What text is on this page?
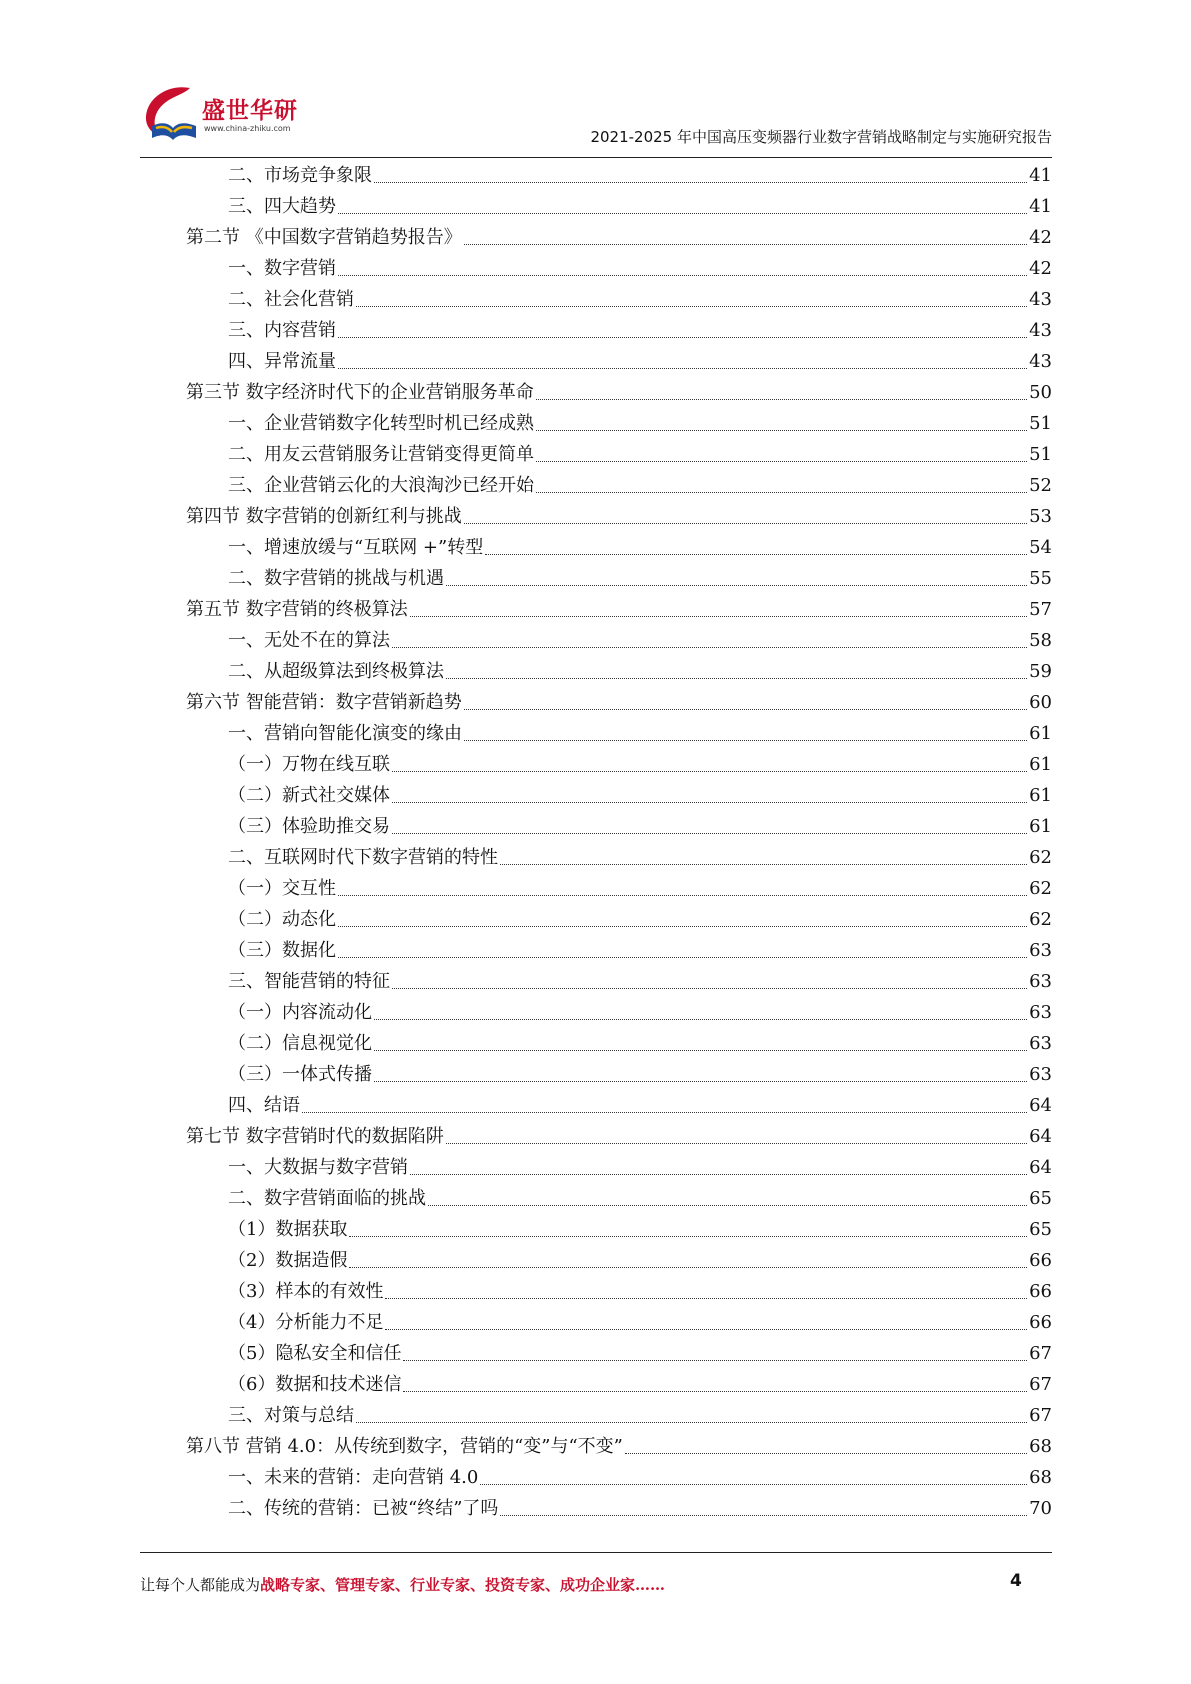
盛世华研
www.china-zhiku.com	2021-2025 年中国高压变频器行业数字营销战略制定与实施研究报告
二、市场竞争象限	41
三、四大趋势	41
第二节 《中国数字营销趋势报告》	42
一、数字营销	42
二、社会化营销	43
三、内容营销	43
四、异常流量	43
第三节 数字经济时代下的企业营销服务革命	50
一、企业营销数字化转型时机已经成熟	51
二、用友云营销服务让营销变得更简单	51
三、企业营销云化的大浪淘沙已经开始	52
第四节 数字营销的创新红利与挑战	53
一、增速放缓与“互联网 +”转型	54
二、数字营销的挑战与机遇	55
第五节 数字营销的终极算法	57
一、无处不在的算法	58
二、从超级算法到终极算法	59
第六节 智能营销：数字营销新趋势	60
一、营销向智能化演变的缘由	61
（一）万物在线互联	61
（二）新式社交媒体	61
（三）体验助推交易	61
二、互联网时代下数字营销的特性	62
（一）交互性	62
（二）动态化	62
（三）数据化	63
三、智能营销的特征	63
（一）内容流动化	63
（二）信息视觉化	63
（三）一体式传播	63
四、结语	64
第七节 数字营销时代的数据陷阱	64
一、大数据与数字营销	64
二、数字营销面临的挑战	65
（1）数据获取	65
（2）数据造假	66
（3）样本的有效性	66
（4）分析能力不足	66
（5）隐私安全和信任	67
（6）数据和技术迷信	67
三、对策与总结	67
第八节 营销 4.0：从传统到数字，营销的“变”与“不变”	68
一、未来的营销：走向营销 4.0	68
二、传统的营销：已被“终结”了吗	70
让每个人都能成为战略专家、管理专家、行业专家、投资专家、成功企业家……	4
